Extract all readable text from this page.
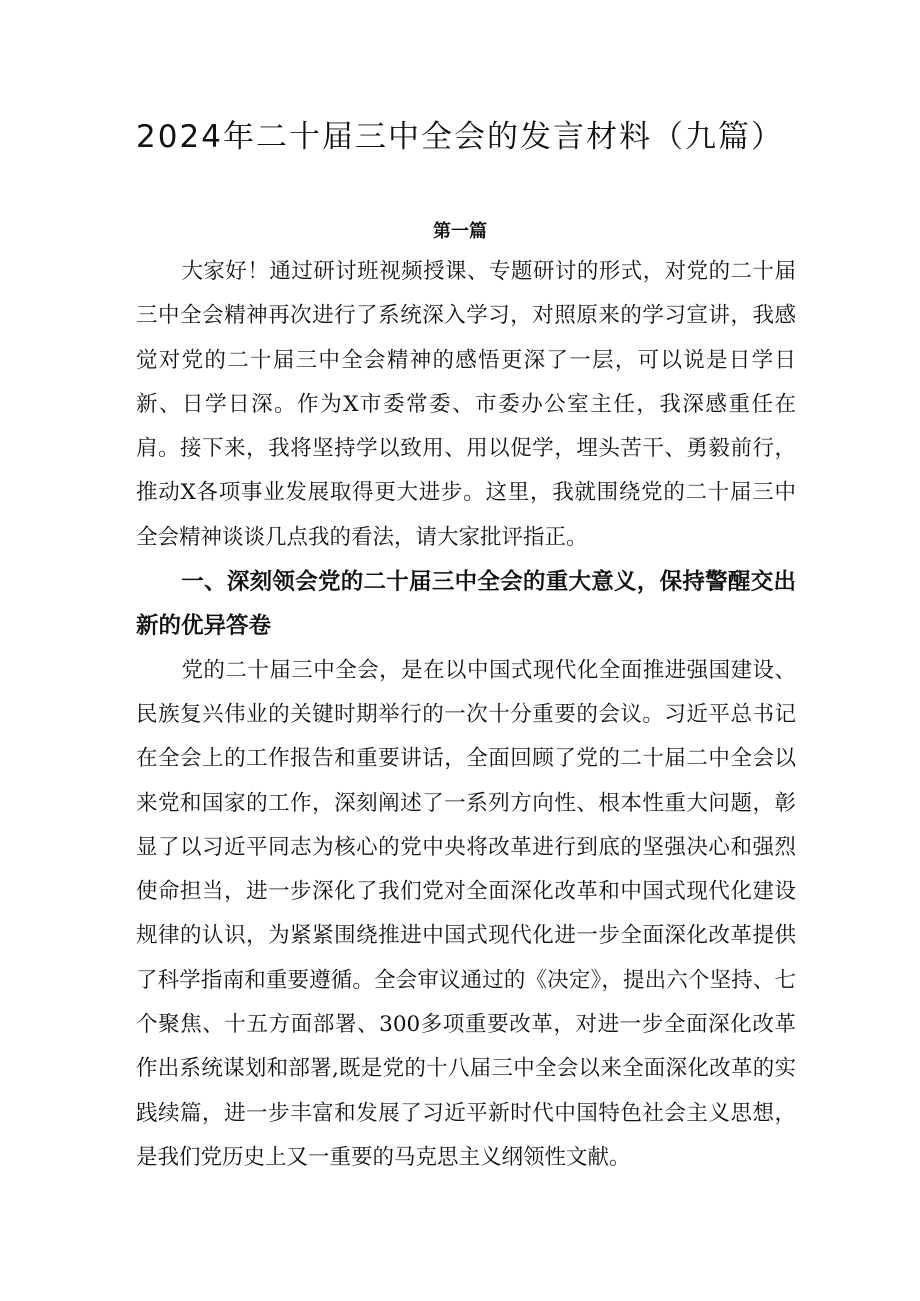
2024年二十届三中全会的发言材料（九篇）
第一篇

大家好！通过研讨班视频授课、专题研讨的形式，对党的二十届三中全会精神再次进行了系统深入学习，对照原来的学习宣讲，我感觉对党的二十届三中全会精神的感悟更深了一层，可以说是日学日新、日学日深。作为X市委常委、市委办公室主任，我深感重任在肩。接下来，我将坚持学以致用、用以促学，埋头苦干、勇毅前行，推动X各项事业发展取得更大进步。这里，我就围绕党的二十届三中全会精神谈谈几点我的看法，请大家批评指正。

一、深刻领会党的二十届三中全会的重大意义，保持警醒交出新的优异答卷

党的二十届三中全会，是在以中国式现代化全面推进强国建设、民族复兴伟业的关键时期举行的一次十分重要的会议。习近平总书记在全会上的工作报告和重要讲话，全面回顾了党的二十届二中全会以来党和国家的工作，深刻阐述了一系列方向性、根本性重大问题，彰显了以习近平同志为核心的党中央将改革进行到底的坚强决心和强烈使命担当，进一步深化了我们党对全面深化改革和中国式现代化建设规律的认识，为紧紧围绕推进中国式现代化进一步全面深化改革提供了科学指南和重要遵循。全会审议通过的《决定》，提出六个坚持、七个聚焦、十五方面部署、300多项重要改革，对进一步全面深化改革作出系统谋划和部署,既是党的十八届三中全会以来全面深化改革的实践续篇，进一步丰富和发展了习近平新时代中国特色社会主义思想，是我们党历史上又一重要的马克思主义纲领性文献。
